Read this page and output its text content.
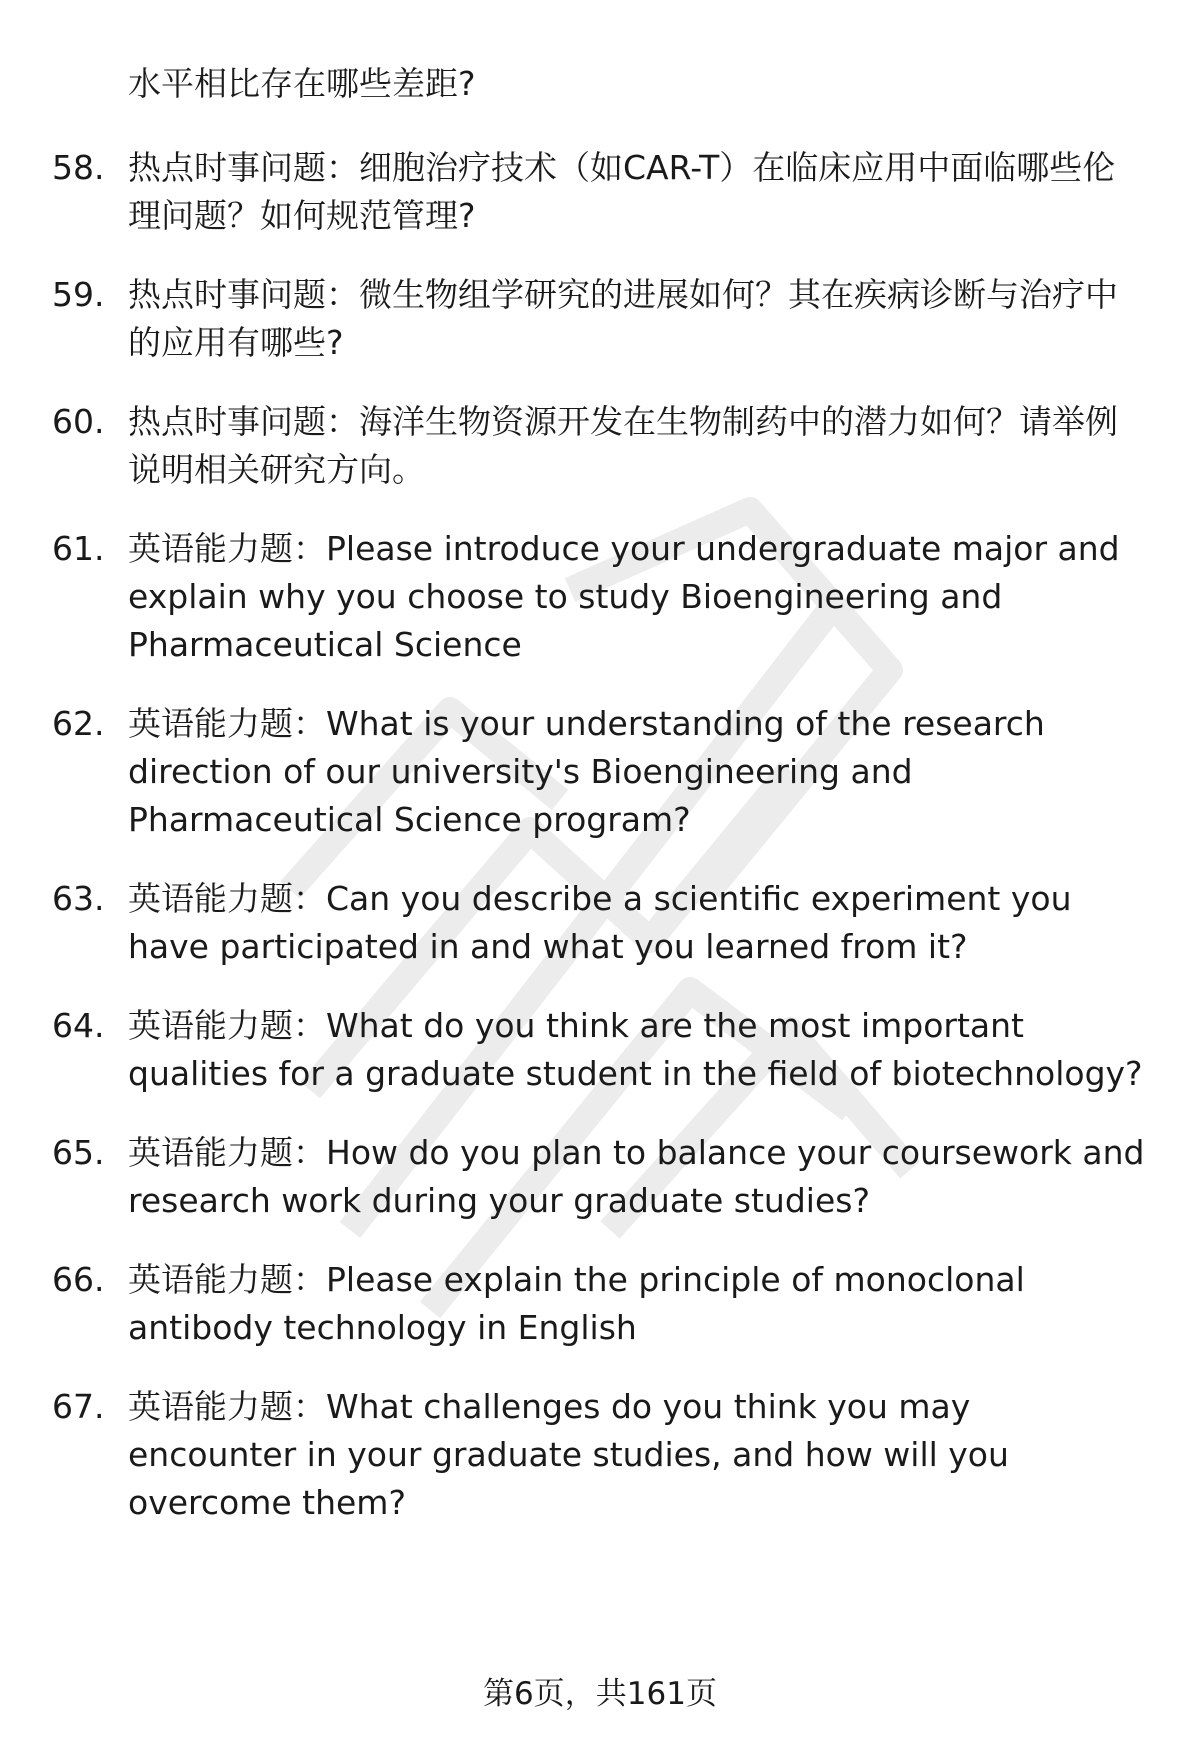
水平相比存在哪些差距?
58. 热点时事问题：细胞治疗技术（如CAR-T）在临床应用中面临哪些伦理问题？如何规范管理?
59. 热点时事问题：微生物组学研究的进展如何？其在疾病诊断与治疗中的应用有哪些?
60. 热点时事问题：海洋生物资源开发在生物制药中的潜力如何？请举例说明相关研究方向。
61. 英语能力题：Please introduce your undergraduate major and explain why you choose to study Bioengineering and Pharmaceutical Science
62. 英语能力题：What is your understanding of the research direction of our university's Bioengineering and Pharmaceutical Science program?
63. 英语能力题：Can you describe a scientific experiment you have participated in and what you learned from it?
64. 英语能力题：What do you think are the most important qualities for a graduate student in the field of biotechnology?
65. 英语能力题：How do you plan to balance your coursework and research work during your graduate studies?
66. 英语能力题：Please explain the principle of monoclonal antibody technology in English
67. 英语能力题：What challenges do you think you may encounter in your graduate studies, and how will you overcome them?
第6页，共161页
